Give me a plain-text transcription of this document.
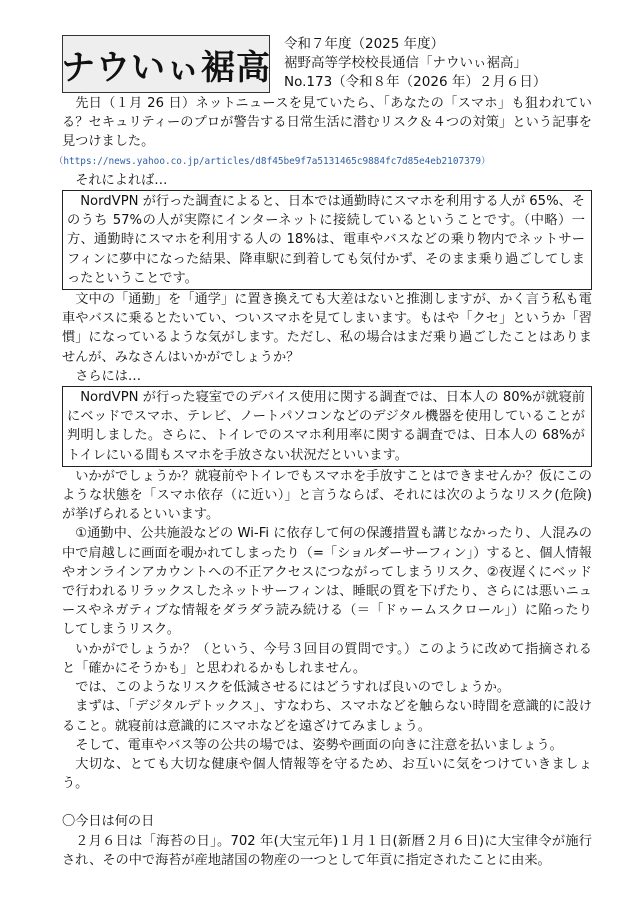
ナウいぃ裾高
令和７年度（2025 年度）
裾野高等学校校長通信「ナウいぃ裾高」
No.173（令和８年（2026 年）２月６日）

先日（１月 26 日）ネットニュースを見ていたら、「あなたの「スマホ」も狙われている？セキュリティーのプロが警告する日常生活に潜むリスク＆４つの対策」という記事を見つけました。

（https://news.yahoo.co.jp/articles/d8f45be9f7a5131465c9884fc7d85e4eb2107379）

それによれば…

NordVPN が行った調査によると、日本では通勤時にスマホを利用する人が 65%、そのうち 57%の人が実際にインターネットに接続しているということです。（中略）一方、通勤時にスマホを利用する人の 18%は、電車やバスなどの乗り物内でネットサーフィンに夢中になった結果、降車駅に到着しても気付かず、そのまま乗り過ごしてしまったということです。

文中の「通勤」を「通学」に置き換えても大差はないと推測しますが、かく言う私も電車やバスに乗るとたいてい、ついスマホを見てしまいます。もはや「クセ」というか「習慣」になっているような気がします。ただし、私の場合はまだ乗り過ごしたことはありませんが、みなさんはいかがでしょうか？

さらには…

NordVPN が行った寝室でのデバイス使用に関する調査では、日本人の 80%が就寝前にベッドでスマホ、テレビ、ノートパソコンなどのデジタル機器を使用していることが判明しました。さらに、トイレでのスマホ利用率に関する調査では、日本人の 68%がトイレにいる間もスマホを手放さない状況だといいます。

いかがでしょうか？就寝前やトイレでもスマホを手放すことはできませんか？仮にこのような状態を「スマホ依存（に近い）」と言うならば、それには次のようなリスク(危険)が挙げられるといいます。

①通勤中、公共施設などの Wi-Fi に依存して何の保護措置も講じなかったり、人混みの中で肩越しに画面を覗かれてしまったり（=「ショルダーサーフィン」）すると、個人情報やオンラインアカウントへの不正アクセスにつながってしまうリスク、②夜遅くにベッドで行われるリラックスしたネットサーフィンは、睡眠の質を下げたり、さらには悪いニュースやネガティブな情報をダラダラ読み続ける（＝「ドゥームスクロール」）に陥ったりしてしまうリスク。

いかがでしょうか？（という、今号３回目の質問です。）このように改めて指摘されると「確かにそうかも」と思われるかもしれません。

では、このようなリスクを低減させるにはどうすれば良いのでしょうか。

まずは、「デジタルデトックス」、すなわち、スマホなどを触らない時間を意識的に設けること。就寝前は意識的にスマホなどを遠ざけてみましょう。

そして、電車やバス等の公共の場では、姿勢や画面の向きに注意を払いましょう。

大切な、とても大切な健康や個人情報等を守るため、お互いに気をつけていきましょう。

〇今日は何の日

２月６日は「海苔の日」。702 年(大宝元年)１月１日(新暦２月６日)に大宝律令が施行され、その中で海苔が産地諸国の物産の一つとして年貢に指定されたことに由来。
